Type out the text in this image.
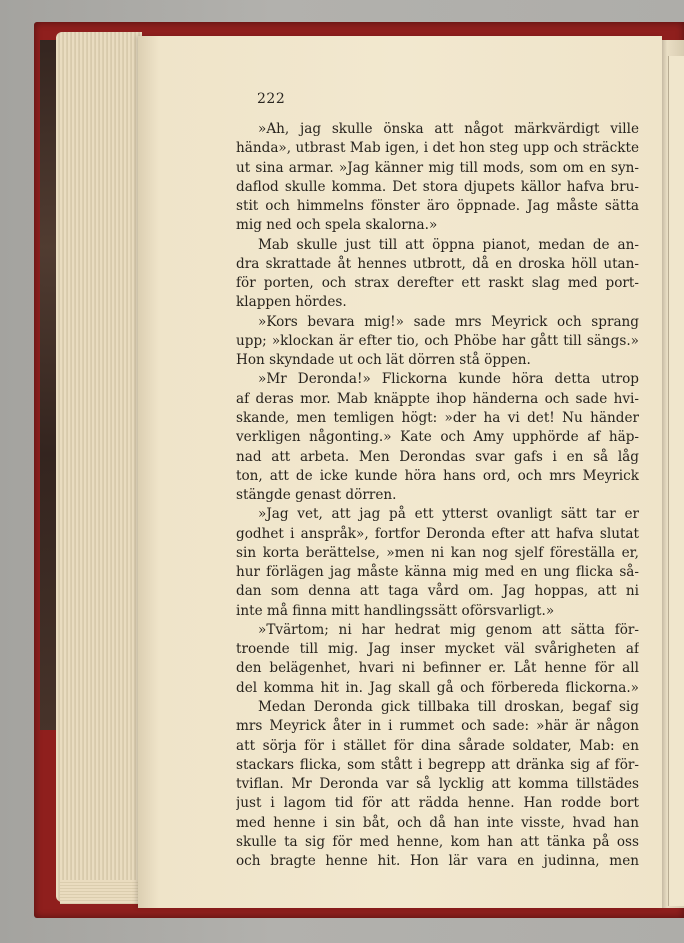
222
»Ah, jag skulle önska att något märkvärdigt ville
hända», utbrast Mab igen, i det hon steg upp och sträckte
ut sina armar. »Jag känner mig till mods, som om en syn-
daflod skulle komma. Det stora djupets källor hafva bru-
stit och himmelns fönster äro öppnade. Jag måste sätta
mig ned och spela skalorna.»
Mab skulle just till att öppna pianot, medan de an-
dra skrattade åt hennes utbrott, då en droska höll utan-
för porten, och strax derefter ett raskt slag med port-
klappen hördes.
»Kors bevara mig!» sade mrs Meyrick och sprang
upp; »klockan är efter tio, och Phöbe har gått till sängs.»
Hon skyndade ut och lät dörren stå öppen.
»Mr Deronda!» Flickorna kunde höra detta utrop
af deras mor. Mab knäppte ihop händerna och sade hvi-
skande, men temligen högt: »der ha vi det! Nu händer
verkligen någonting.» Kate och Amy upphörde af häp-
nad att arbeta. Men Derondas svar gafs i en så låg
ton, att de icke kunde höra hans ord, och mrs Meyrick
stängde genast dörren.
»Jag vet, att jag på ett ytterst ovanligt sätt tar er
godhet i anspråk», fortfor Deronda efter att hafva slutat
sin korta berättelse, »men ni kan nog sjelf föreställa er,
hur förlägen jag måste känna mig med en ung flicka så-
dan som denna att taga vård om. Jag hoppas, att ni
inte må finna mitt handlingssätt oförsvarligt.»
»Tvärtom; ni har hedrat mig genom att sätta för-
troende till mig. Jag inser mycket väl svårigheten af
den belägenhet, hvari ni befinner er. Låt henne för all
del komma hit in. Jag skall gå och förbereda flickorna.»
Medan Deronda gick tillbaka till droskan, begaf sig
mrs Meyrick åter in i rummet och sade: »här är någon
att sörja för i stället för dina sårade soldater, Mab: en
stackars flicka, som stått i begrepp att dränka sig af för-
tviflan. Mr Deronda var så lycklig att komma tillstädes
just i lagom tid för att rädda henne. Han rodde bort
med henne i sin båt, och då han inte visste, hvad han
skulle ta sig för med henne, kom han att tänka på oss
och bragte henne hit. Hon lär vara en judinna, men
